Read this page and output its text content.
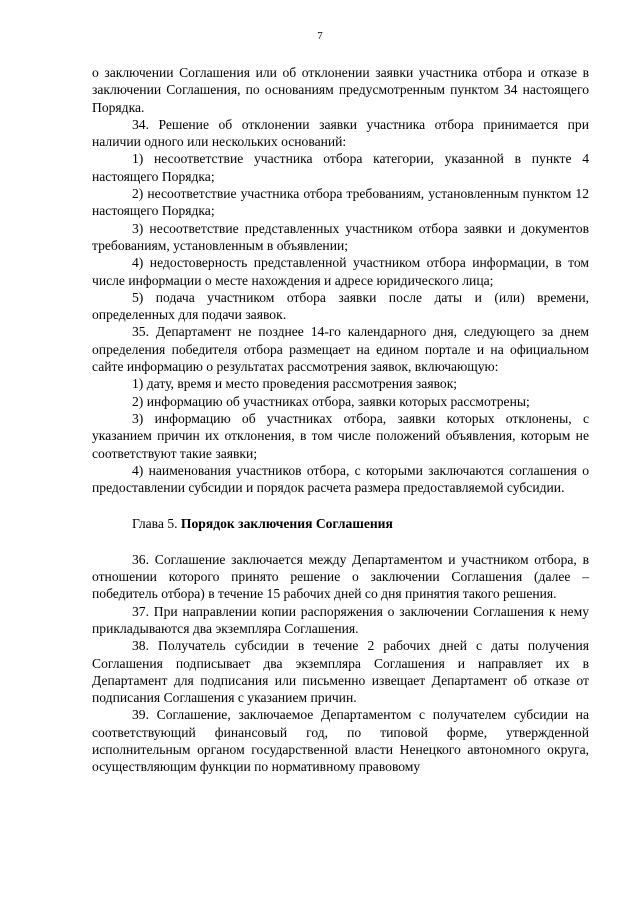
7

о заключении Соглашения или об отклонении заявки участника отбора и отказе в заключении Соглашения, по основаниям предусмотренным пунктом 34 настоящего Порядка.

34. Решение об отклонении заявки участника отбора принимается при наличии одного или нескольких оснований:

1) несоответствие участника отбора категории, указанной в пункте 4 настоящего Порядка;

2) несоответствие участника отбора требованиям, установленным пунктом 12 настоящего Порядка;

3) несоответствие представленных участником отбора заявки и документов требованиям, установленным в объявлении;

4) недостоверность представленной участником отбора информации, в том числе информации о месте нахождения и адресе юридического лица;

5) подача участником отбора заявки после даты и (или) времени, определенных для подачи заявок.

35. Департамент не позднее 14-го календарного дня, следующего за днем определения победителя отбора размещает на едином портале и на официальном сайте информацию о результатах рассмотрения заявок, включающую:

1) дату, время и место проведения рассмотрения заявок;

2) информацию об участниках отбора, заявки которых рассмотрены;

3) информацию об участниках отбора, заявки которых отклонены, с указанием причин их отклонения, в том числе положений объявления, которым не соответствуют такие заявки;

4) наименования участников отбора, с которыми заключаются соглашения о предоставлении субсидии и порядок расчета размера предоставляемой субсидии.

Глава 5. Порядок заключения Соглашения

36. Соглашение заключается между Департаментом и участником отбора, в отношении которого принято решение о заключении Соглашения (далее – победитель отбора) в течение 15 рабочих дней со дня принятия такого решения.

37. При направлении копии распоряжения о заключении Соглашения к нему прикладываются два экземпляра Соглашения.

38. Получатель субсидии в течение 2 рабочих дней с даты получения Соглашения подписывает два экземпляра Соглашения и направляет их в Департамент для подписания или письменно извещает Департамент об отказе от подписания Соглашения с указанием причин.

39. Соглашение, заключаемое Департаментом с получателем субсидии на соответствующий финансовый год, по типовой форме, утвержденной исполнительным органом государственной власти Ненецкого автономного округа, осуществляющим функции по нормативному правовому
